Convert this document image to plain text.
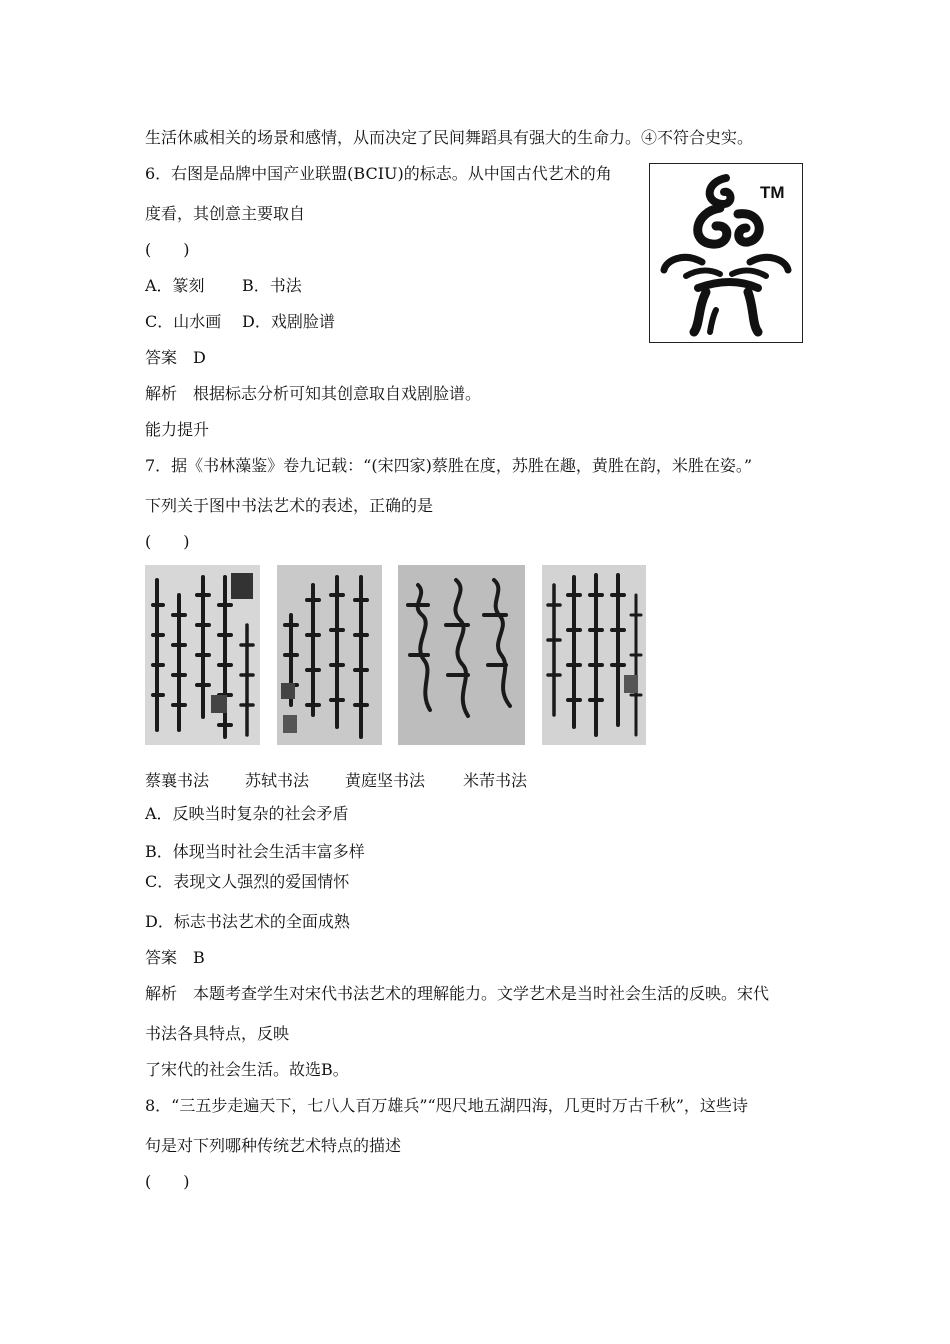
生活休戚相关的场景和感情，从而决定了民间舞蹈具有强大的生命力。④不符合史实。
6．右图是品牌中国产业联盟(BCIU)的标志。从中国古代艺术的角
度看，其创意主要取自
(　　)
A．篆刻 B．书法
C．山水画 D．戏剧脸谱
答案　D
解析　根据标志分析可知其创意取自戏剧脸谱。
TM
能力提升
7．据《书林藻鉴》卷九记载：“(宋四家)蔡胜在度，苏胜在趣，黄胜在韵，米胜在姿。”
下列关于图中书法艺术的表述，正确的是
(　　)
蔡襄书法 苏轼书法 黄庭坚书法 米芾书法
A．反映当时复杂的社会矛盾
B．体现当时社会生活丰富多样
C．表现文人强烈的爱国情怀
D．标志书法艺术的全面成熟
答案　B
解析　本题考查学生对宋代书法艺术的理解能力。文学艺术是当时社会生活的反映。宋代
书法各具特点，反映
了宋代的社会生活。故选B。
8．“三五步走遍天下，七八人百万雄兵”“咫尺地五湖四海，几更时万古千秋”，这些诗
句是对下列哪种传统艺术特点的描述
(　　)
